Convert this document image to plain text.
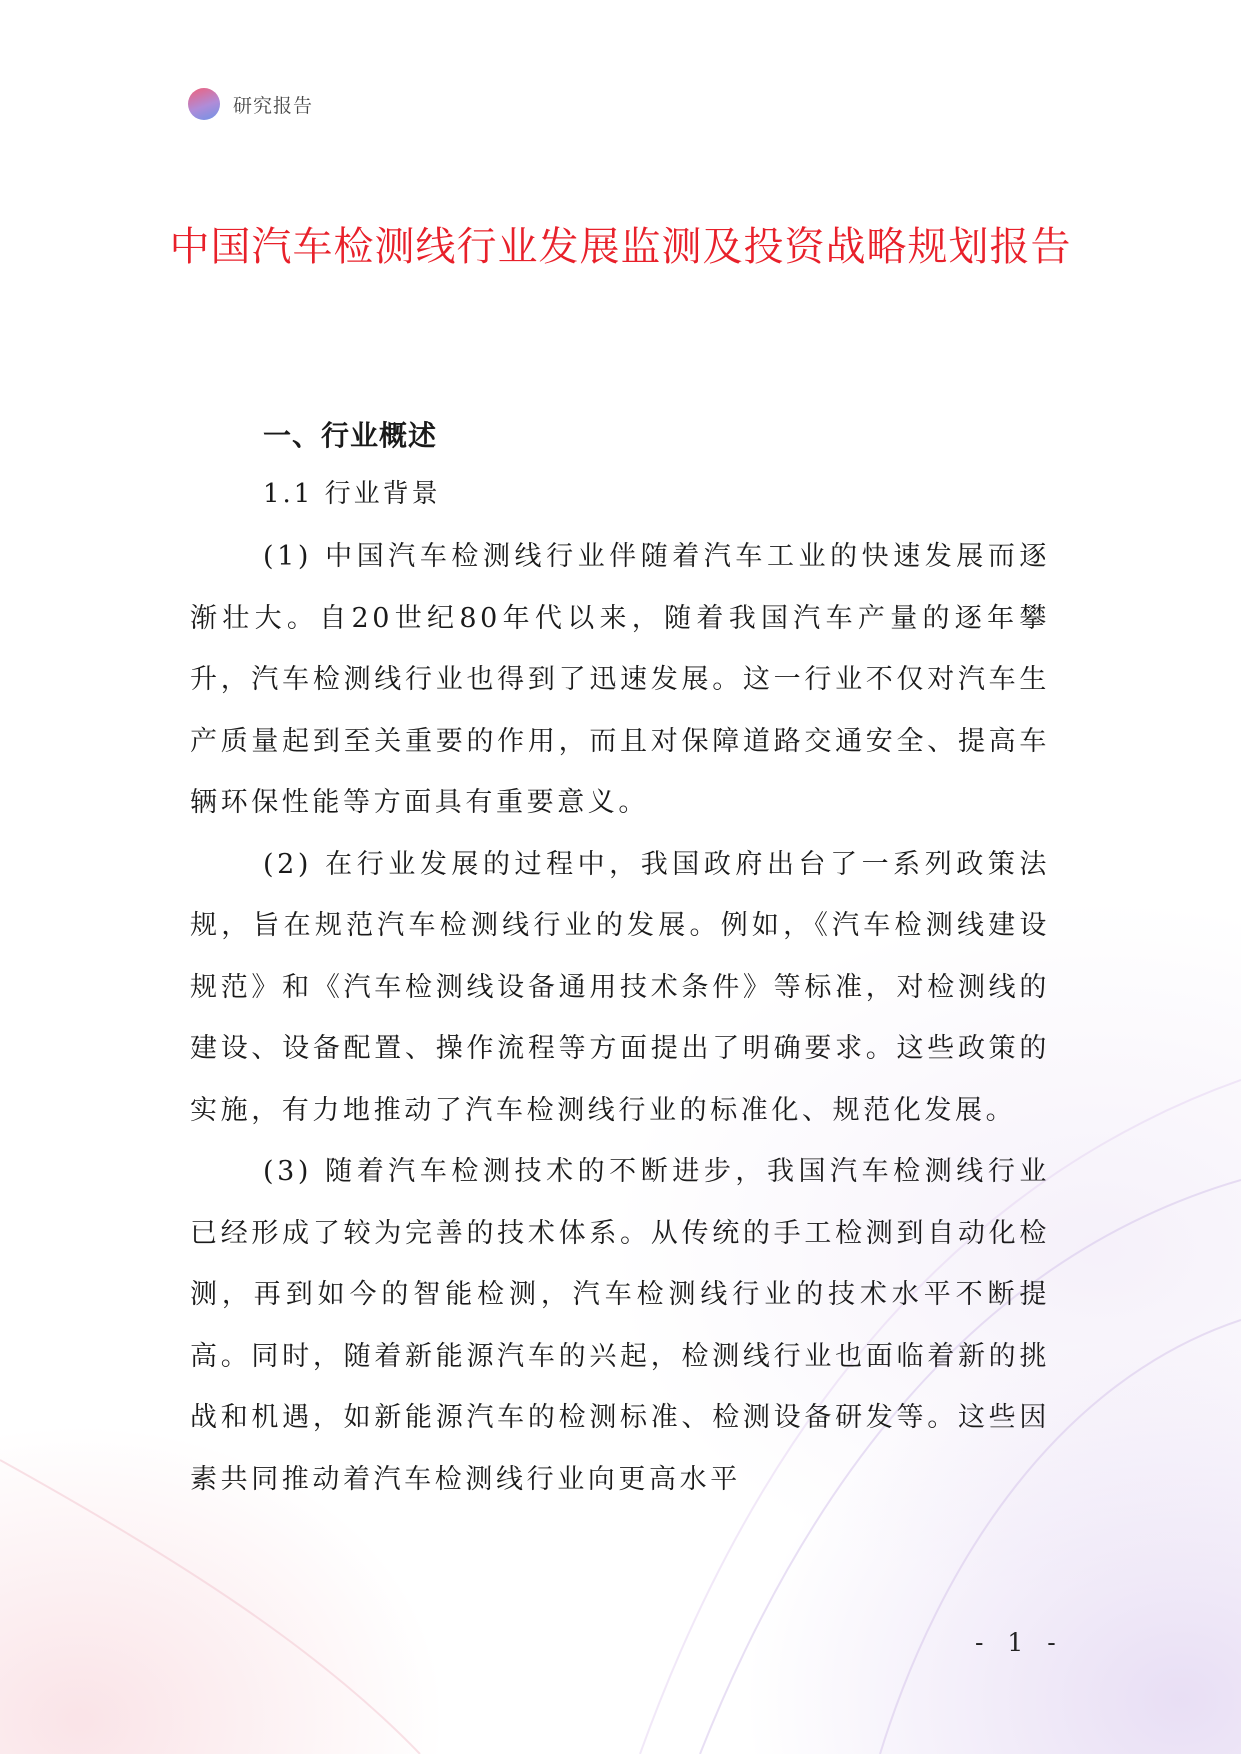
研究报告
中国汽车检测线行业发展监测及投资战略规划报告
一、行业概述
1.1 行业背景

(1) 中国汽车检测线行业伴随着汽车工业的快速发展而逐渐壮大。自20世纪80年代以来，随着我国汽车产量的逐年攀升，汽车检测线行业也得到了迅速发展。这一行业不仅对汽车生产质量起到至关重要的作用，而且对保障道路交通安全、提高车辆环保性能等方面具有重要意义。

(2) 在行业发展的过程中，我国政府出台了一系列政策法规，旨在规范汽车检测线行业的发展。例如，《汽车检测线建设规范》和《汽车检测线设备通用技术条件》等标准，对检测线的建设、设备配置、操作流程等方面提出了明确要求。这些政策的实施，有力地推动了汽车检测线行业的标准化、规范化发展。

(3) 随着汽车检测技术的不断进步，我国汽车检测线行业已经形成了较为完善的技术体系。从传统的手工检测到自动化检测，再到如今的智能检测，汽车检测线行业的技术水平不断提高。同时，随着新能源汽车的兴起，检测线行业也面临着新的挑战和机遇，如新能源汽车的检测标准、检测设备研发等。这些因素共同推动着汽车检测线行业向更高水平

- 1 -
